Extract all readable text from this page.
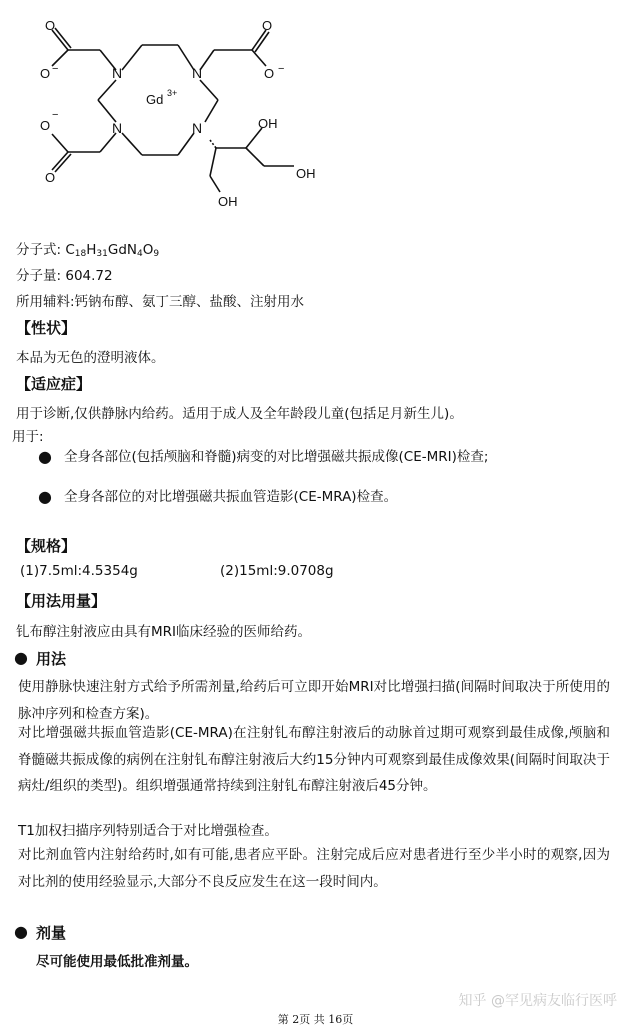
N	N
N	N
Gd 3+
O
O −
O
O −
O
−
O
OH
OH
OH
分子式: $C_{18}H_{31}GdN_4O_9$
分子量: 604.72
所用辅料:钙钠布醇、氨丁三醇、盐酸、注射用水
【性状】
本品为无色的澄明液体。
【适应症】
用于诊断,仅供静脉内给药。适用于成人及全年龄段儿童(包括足月新生儿)。
用于:
● 全身各部位(包括颅脑和脊髓)病变的对比增强磁共振成像(CE-MRI)检查;
● 全身各部位的对比增强磁共振血管造影(CE-MRA)检查。
【规格】
(1)7.5ml:4.5354g	(2)15ml:9.0708g
【用法用量】
钆布醇注射液应由具有MRI临床经验的医师给药。
● 用法
使用静脉快速注射方式给予所需剂量,给药后可立即开始MRI对比增强扫描(间隔时间取决于所使用的脉冲序列和检查方案)。
对比增强磁共振血管造影(CE-MRA)在注射钆布醇注射液后的动脉首过期可观察到最佳成像,颅脑和脊髓磁共振成像的病例在注射钆布醇注射液后大约15分钟内可观察到最佳成像效果(间隔时间取决于病灶/组织的类型)。组织增强通常持续到注射钆布醇注射液后45分钟。
T1加权扫描序列特别适合于对比增强检查。
对比剂血管内注射给药时,如有可能,患者应平卧。注射完成后应对患者进行至少半小时的观察,因为对比剂的使用经验显示,大部分不良反应发生在这一段时间内。
● 剂量
尽可能使用最低批准剂量。
知乎 @罕见病友临行医呼
第 2页 共 16页
